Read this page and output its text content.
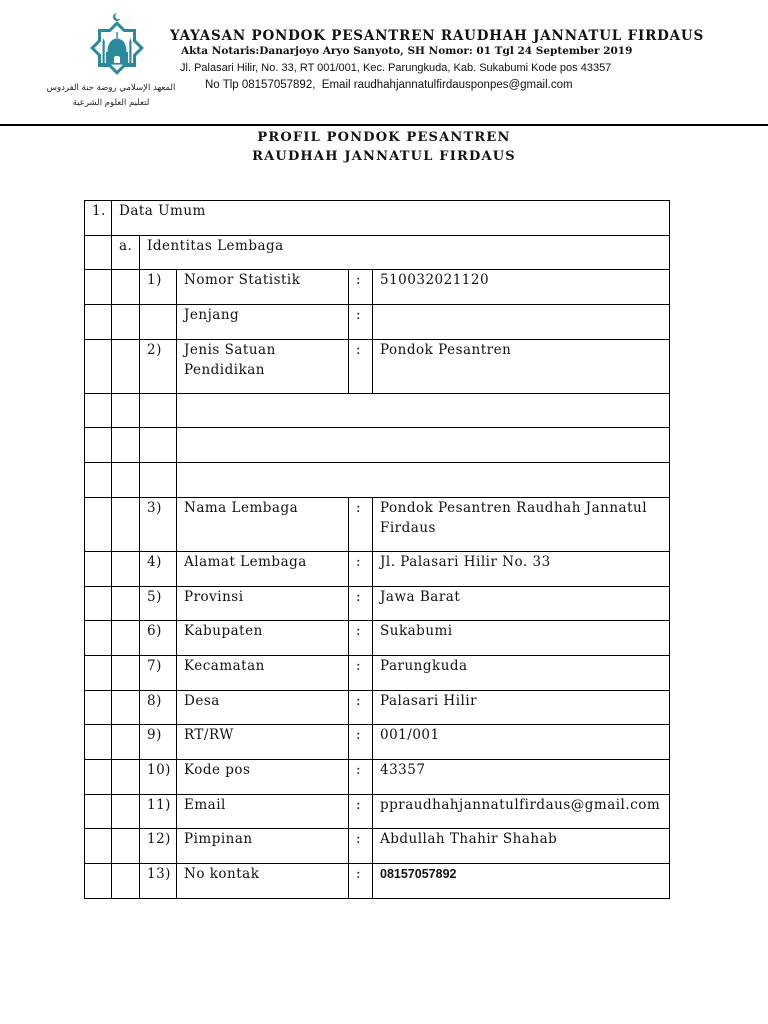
المعهد الإسلامي روضة جنة الفردوس
لتعليم العلوم الشرعية
YAYASAN PONDOK PESANTREN RAUDHAH JANNATUL FIRDAUS
Akta Notaris:Danarjoyo Aryo Sanyoto, SH Nomor: 01 Tgl 24 September 2019
Jl. Palasari Hilir, No. 33, RT 001/001, Kec. Parungkuda, Kab. Sukabumi Kode pos 43357
No Tlp 08157057892,  Email raudhahjannatulfirdausponpes@gmail.com
PROFIL PONDOK PESANTREN
RAUDHAH JANNATUL FIRDAUS
1.	Data Umum				
	a.	Identitas Lembaga			
		1)	Nomor Statistik	:	510032021120
			Jenjang	:	
		2)	Jenis Satuan Pendidikan	:	Pondok Pesantren

		3)	Nama Lembaga	:	Pondok Pesantren Raudhah Jannatul Firdaus
		4)	Alamat Lembaga	:	Jl. Palasari Hilir No. 33
		5)	Provinsi	:	Jawa Barat
		6)	Kabupaten	:	Sukabumi
		7)	Kecamatan	:	Parungkuda
		8)	Desa	:	Palasari Hilir
		9)	RT/RW	:	001/001
		10)	Kode pos	:	43357
		11)	Email	:	ppraudhahjannatulfirdaus@gmail.com
		12)	Pimpinan	:	Abdullah Thahir Shahab
		13)	No kontak	:	08157057892
